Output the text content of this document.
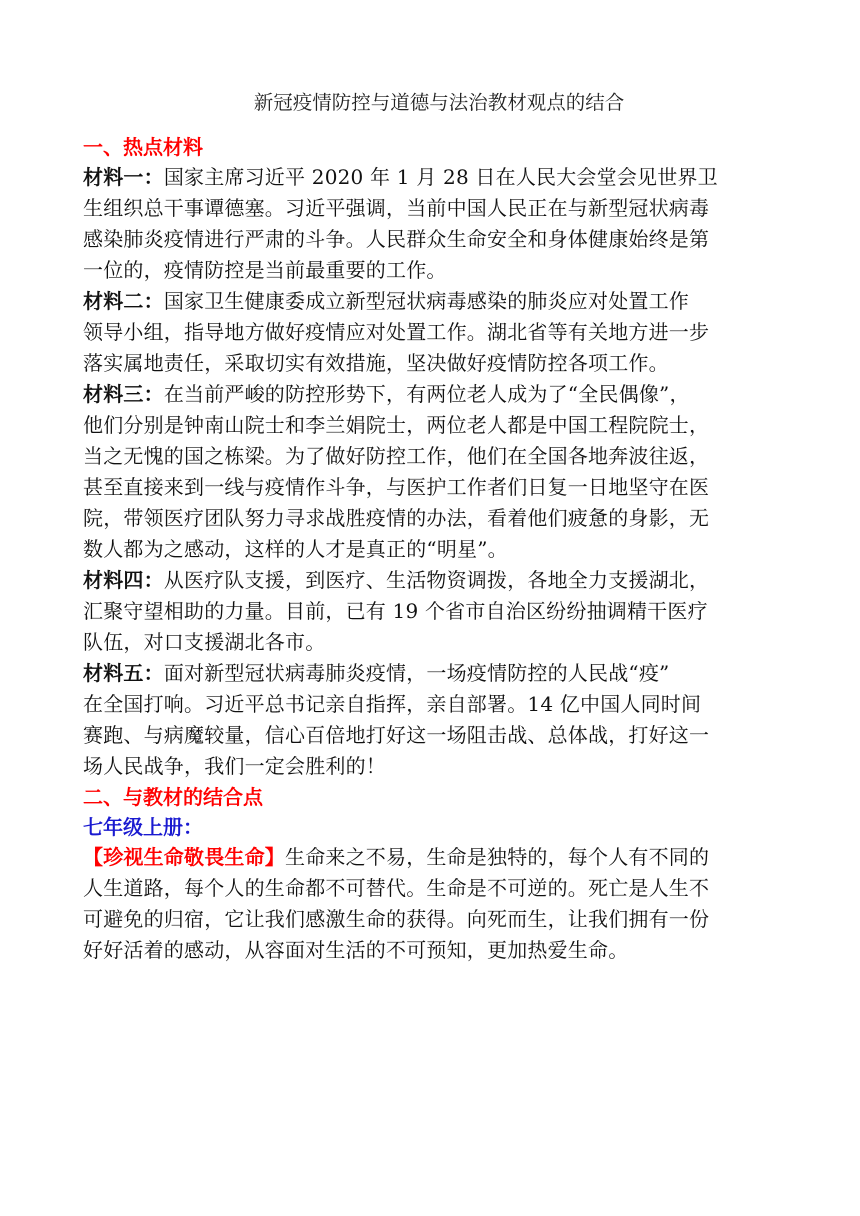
新冠疫情防控与道德与法治教材观点的结合
一、热点材料
材料一：国家主席习近平 2020 年 1 月 28 日在人民大会堂会见世界卫
生组织总干事谭德塞。习近平强调，当前中国人民正在与新型冠状病毒
感染肺炎疫情进行严肃的斗争。人民群众生命安全和身体健康始终是第
一位的，疫情防控是当前最重要的工作。
材料二：国家卫生健康委成立新型冠状病毒感染的肺炎应对处置工作
领导小组，指导地方做好疫情应对处置工作。湖北省等有关地方进一步
落实属地责任，采取切实有效措施，坚决做好疫情防控各项工作。
材料三：在当前严峻的防控形势下，有两位老人成为了“全民偶像”，
他们分别是钟南山院士和李兰娟院士，两位老人都是中国工程院院士，
当之无愧的国之栋梁。为了做好防控工作，他们在全国各地奔波往返，
甚至直接来到一线与疫情作斗争，与医护工作者们日复一日地坚守在医
院，带领医疗团队努力寻求战胜疫情的办法，看着他们疲惫的身影，无
数人都为之感动，这样的人才是真正的“明星”。
材料四：从医疗队支援，到医疗、生活物资调拨，各地全力支援湖北，
汇聚守望相助的力量。目前，已有 19 个省市自治区纷纷抽调精干医疗
队伍，对口支援湖北各市。
材料五：面对新型冠状病毒肺炎疫情，一场疫情防控的人民战“疫”
在全国打响。习近平总书记亲自指挥，亲自部署。14 亿中国人同时间
赛跑、与病魔较量，信心百倍地打好这一场阻击战、总体战，打好这一
场人民战争，我们一定会胜利的！
二、与教材的结合点
七年级上册：
【珍视生命敬畏生命】生命来之不易，生命是独特的，每个人有不同的
人生道路，每个人的生命都不可替代。生命是不可逆的。死亡是人生不
可避免的归宿，它让我们感激生命的获得。向死而生，让我们拥有一份
好好活着的感动，从容面对生活的不可预知，更加热爱生命。
